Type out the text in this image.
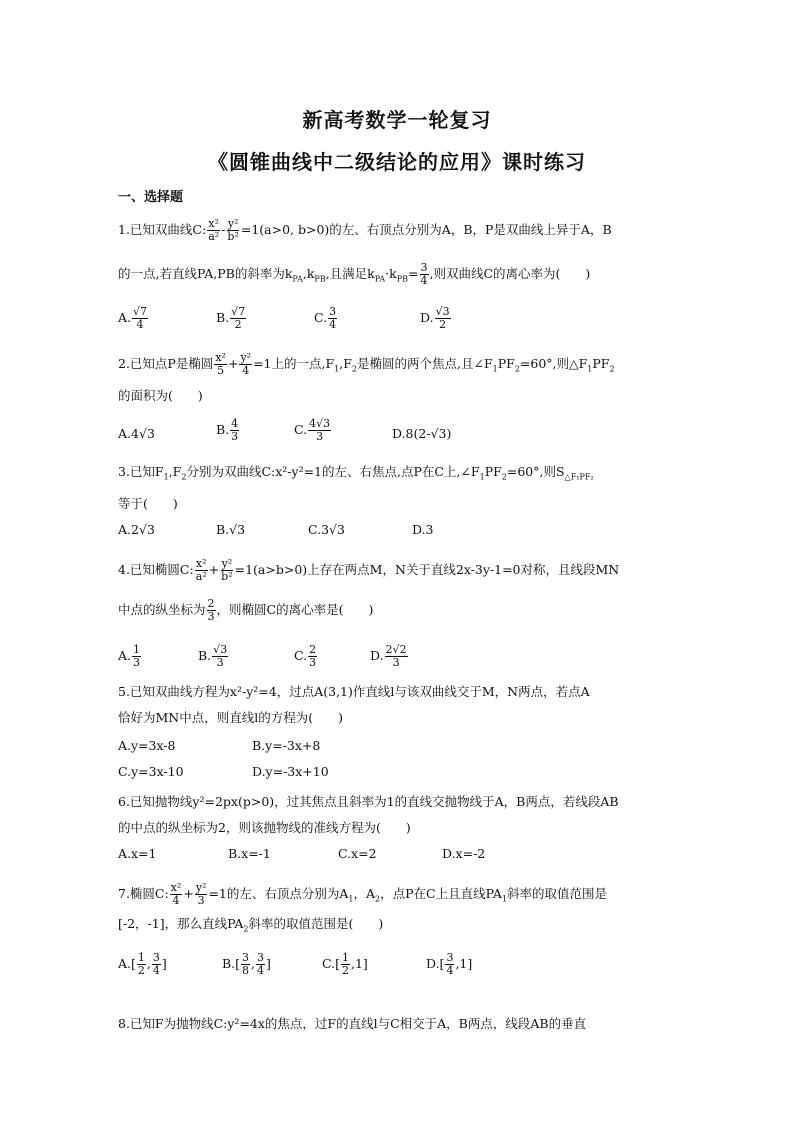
新高考数学一轮复习
《圆锥曲线中二级结论的应用》课时练习
一、选择题
1.已知双曲线C: $\frac{\text{x²}}{\text{a²}} - \frac{\text{y²}}{\text{b²}} =1(a>0$, b>0)的左、右顶点分别为A，B，P是双曲线上异于A，B
的一点,若直线PA,PB的斜率为$k_{PA},k_{PB}$,且满足$k_{PA}\cdot k_{PB}= \frac{3}{4}$ ,则双曲线C的离心率为(　　)
A. $\frac{√7}{4}$	B. $\frac{√7}{2}$	C. $\frac{3}{4}$	D. $\frac{√3}{2}$
2.已知点P是椭圆 $\frac{\text{x²}}{5} + \frac{\text{y²}}{4} =1$上的一点$,F_1,F_2$是椭圆的两个焦点,且$\angle F_1PF_2=60^\circ$,则$\triangle F_1PF_2$
的面积为(　　)
A.4√3	B. $\frac{4}{3}$	C. $\frac{4√3}{3}$	D.8(2-√3)
3.已知$F_1,F_2$分别为双曲线C:x²-y²=1的左、右焦点,点P在C上$,\angle F_1PF_2=60^\circ$,则$S_{\triangle F_1PF_2}$
等于(　　)
A.2√3	B.√3	C.3√3	D.3
4.已知椭圆C: $\frac{\text{x²}}{\text{a²}} + \frac{\text{y²}}{\text{b²}} =1(a>b>0)$上存在两点M，N关于直线2x-3y-1=0对称，且线段MN
中点的纵坐标为 $\frac{2}{3}$ ，则椭圆C的离心率是(　　)
A. $\frac{1}{3}$	B. $\frac{√3}{3}$	C. $\frac{2}{3}$	D. $\frac{2√2}{3}$
5.已知双曲线方程为x²-y²=4，过点A(3,1)作直线l与该双曲线交于M，N两点，若点A
恰好为MN中点，则直线l的方程为(　　)
A.y=3x-8	B.y=-3x+8
C.y=3x-10	D.y=-3x+10
6.已知抛物线y²=2px(p>0)，过其焦点且斜率为1的直线交抛物线于A，B两点，若线段AB
的中点的纵坐标为2，则该抛物线的准线方程为(　　)
A.x=1	B.x=-1	C.x=2	D.x=-2
7.椭圆C: $\frac{\text{x²}}{4} + \frac{\text{y²}}{3} =1$的左、右顶点分别为$A_1$，$A_2$，点P在C上且直线$PA_1$斜率的取值范围是
[-2，-1]，那么直线$PA_2$斜率的取值范围是(　　)
$A.[ \frac{1}{2}$ , $\frac{3}{4}$ ]	$B.[ \frac{3}{8}$ , $\frac{3}{4}$ ]	$C.[ \frac{1}{2} ,1]$	$D.[ \frac{3}{4} ,1]$
8.已知F为抛物线C:y²=4x的焦点，过F的直线l与C相交于A，B两点，线段AB的垂直
